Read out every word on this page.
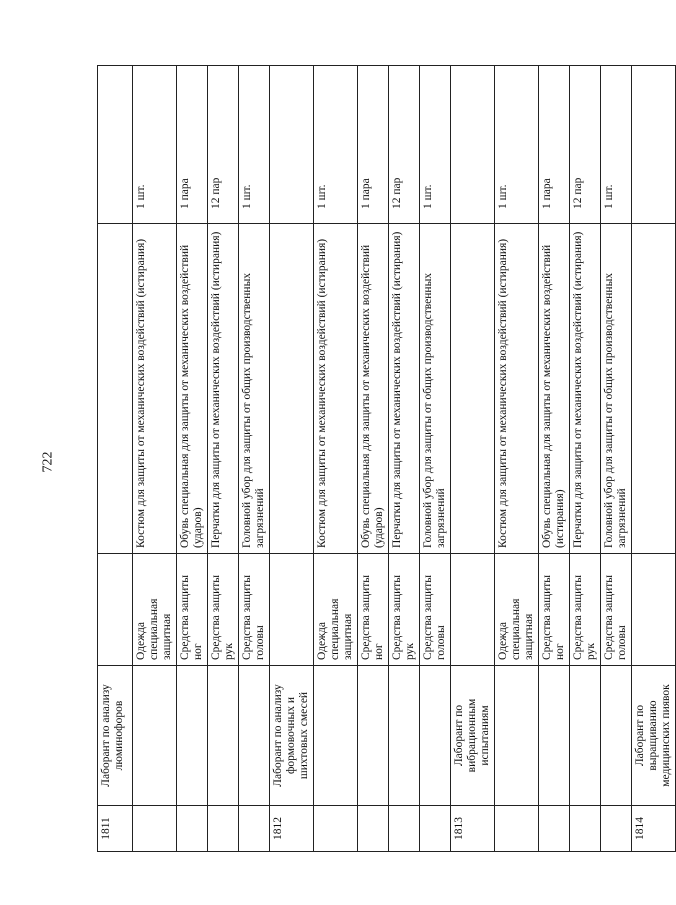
722
1811	Лаборант по анализу люминофоров			
		Одежда специальная защитная	Костюм для защиты от механических воздействий (истирания)	1 шт.
		Средства защиты ног	Обувь специальная для защиты от механических воздействий (ударов)	1 пара
		Средства защиты рук	Перчатки для защиты от механических воздействий (истирания)	12 пар
		Средства защиты головы	Головной убор для защиты от общих производственных загрязнений	1 шт.
1812	Лаборант по анализу формовочных и шихтовых смесей			
		Одежда специальная защитная	Костюм для защиты от механических воздействий (истирания)	1 шт.
		Средства защиты ног	Обувь специальная для защиты от механических воздействий (ударов)	1 пара
		Средства защиты рук	Перчатки для защиты от механических воздействий (истирания)	12 пар
		Средства защиты головы	Головной убор для защиты от общих производственных загрязнений	1 шт.
1813	Лаборант по вибрационным испытаниям			
		Одежда специальная защитная	Костюм для защиты от механических воздействий (истирания)	1 шт.
		Средства защиты ног	Обувь специальная для защиты от механических воздействий (истирания)	1 пара
		Средства защиты рук	Перчатки для защиты от механических воздействий (истирания)	12 пар
		Средства защиты головы	Головной убор для защиты от общих производственных загрязнений	1 шт.
1814	Лаборант по выращиванию медицинских пиявок			
